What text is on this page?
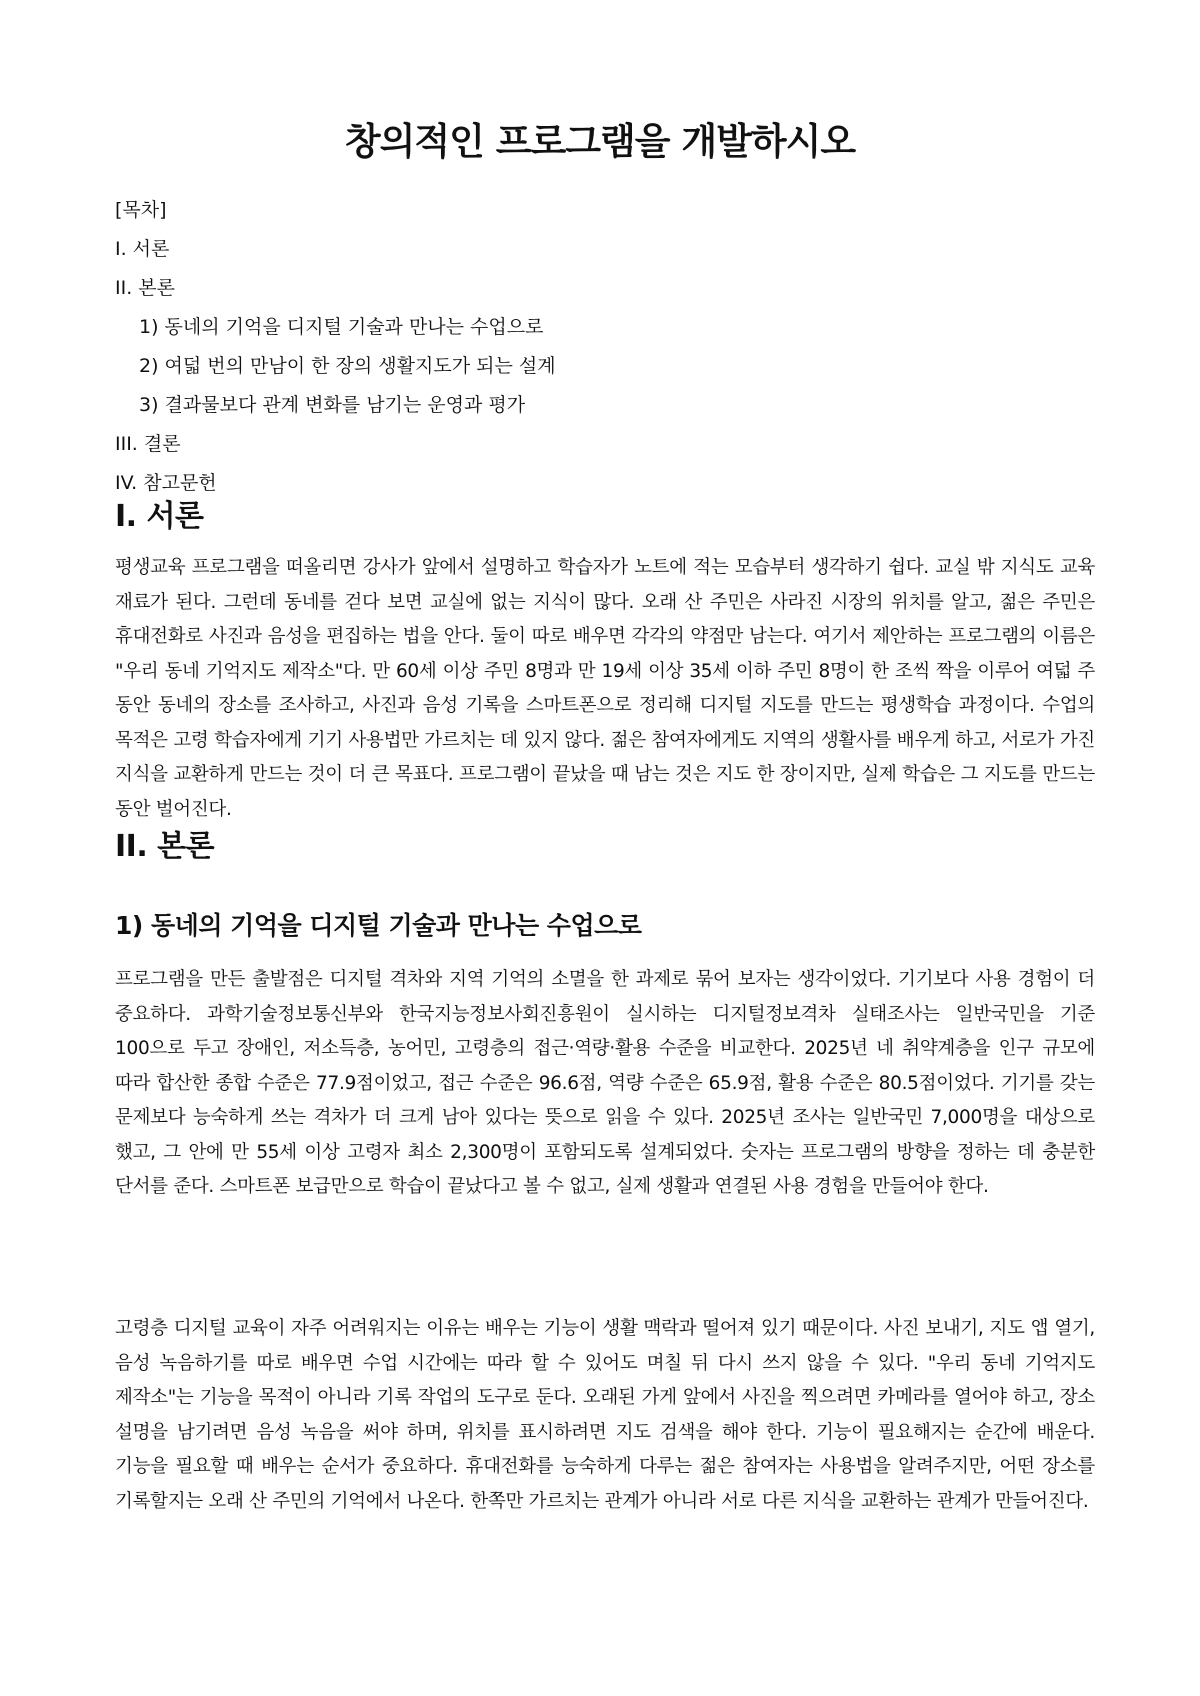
창의적인 프로그램을 개발하시오
[목차]
I. 서론
II. 본론
1) 동네의 기억을 디지털 기술과 만나는 수업으로
2) 여덟 번의 만남이 한 장의 생활지도가 되는 설계
3) 결과물보다 관계 변화를 남기는 운영과 평가
III. 결론
IV. 참고문헌
I. 서론

평생교육 프로그램을 떠올리면 강사가 앞에서 설명하고 학습자가 노트에 적는 모습부터 생각하기 쉽다. 교실 밖 지식도 교육 재료가 된다. 그런데 동네를 걷다 보면 교실에 없는 지식이 많다. 오래 산 주민은 사라진 시장의 위치를 알고, 젊은 주민은 휴대전화로 사진과 음성을 편집하는 법을 안다. 둘이 따로 배우면 각각의 약점만 남는다. 여기서 제안하는 프로그램의 이름은 "우리 동네 기억지도 제작소"다. 만 60세 이상 주민 8명과 만 19세 이상 35세 이하 주민 8명이 한 조씩 짝을 이루어 여덟 주 동안 동네의 장소를 조사하고, 사진과 음성 기록을 스마트폰으로 정리해 디지털 지도를 만드는 평생학습 과정이다. 수업의 목적은 고령 학습자에게 기기 사용법만 가르치는 데 있지 않다. 젊은 참여자에게도 지역의 생활사를 배우게 하고, 서로가 가진 지식을 교환하게 만드는 것이 더 큰 목표다. 프로그램이 끝났을 때 남는 것은 지도 한 장이지만, 실제 학습은 그 지도를 만드는 동안 벌어진다.

II. 본론
1) 동네의 기억을 디지털 기술과 만나는 수업으로

프로그램을 만든 출발점은 디지털 격차와 지역 기억의 소멸을 한 과제로 묶어 보자는 생각이었다. 기기보다 사용 경험이 더 중요하다. 과학기술정보통신부와 한국지능정보사회진흥원이 실시하는 디지털정보격차 실태조사는 일반국민을 기준 100으로 두고 장애인, 저소득층, 농어민, 고령층의 접근·역량·활용 수준을 비교한다. 2025년 네 취약계층을 인구 규모에 따라 합산한 종합 수준은 77.9점이었고, 접근 수준은 96.6점, 역량 수준은 65.9점, 활용 수준은 80.5점이었다. 기기를 갖는 문제보다 능숙하게 쓰는 격차가 더 크게 남아 있다는 뜻으로 읽을 수 있다. 2025년 조사는 일반국민 7,000명을 대상으로 했고, 그 안에 만 55세 이상 고령자 최소 2,300명이 포함되도록 설계되었다. 숫자는 프로그램의 방향을 정하는 데 충분한 단서를 준다. 스마트폰 보급만으로 학습이 끝났다고 볼 수 없고, 실제 생활과 연결된 사용 경험을 만들어야 한다.

고령층 디지털 교육이 자주 어려워지는 이유는 배우는 기능이 생활 맥락과 떨어져 있기 때문이다. 사진 보내기, 지도 앱 열기, 음성 녹음하기를 따로 배우면 수업 시간에는 따라 할 수 있어도 며칠 뒤 다시 쓰지 않을 수 있다. "우리 동네 기억지도 제작소"는 기능을 목적이 아니라 기록 작업의 도구로 둔다. 오래된 가게 앞에서 사진을 찍으려면 카메라를 열어야 하고, 장소 설명을 남기려면 음성 녹음을 써야 하며, 위치를 표시하려면 지도 검색을 해야 한다. 기능이 필요해지는 순간에 배운다. 기능을 필요할 때 배우는 순서가 중요하다. 휴대전화를 능숙하게 다루는 젊은 참여자는 사용법을 알려주지만, 어떤 장소를 기록할지는 오래 산 주민의 기억에서 나온다. 한쪽만 가르치는 관계가 아니라 서로 다른 지식을 교환하는 관계가 만들어진다.
